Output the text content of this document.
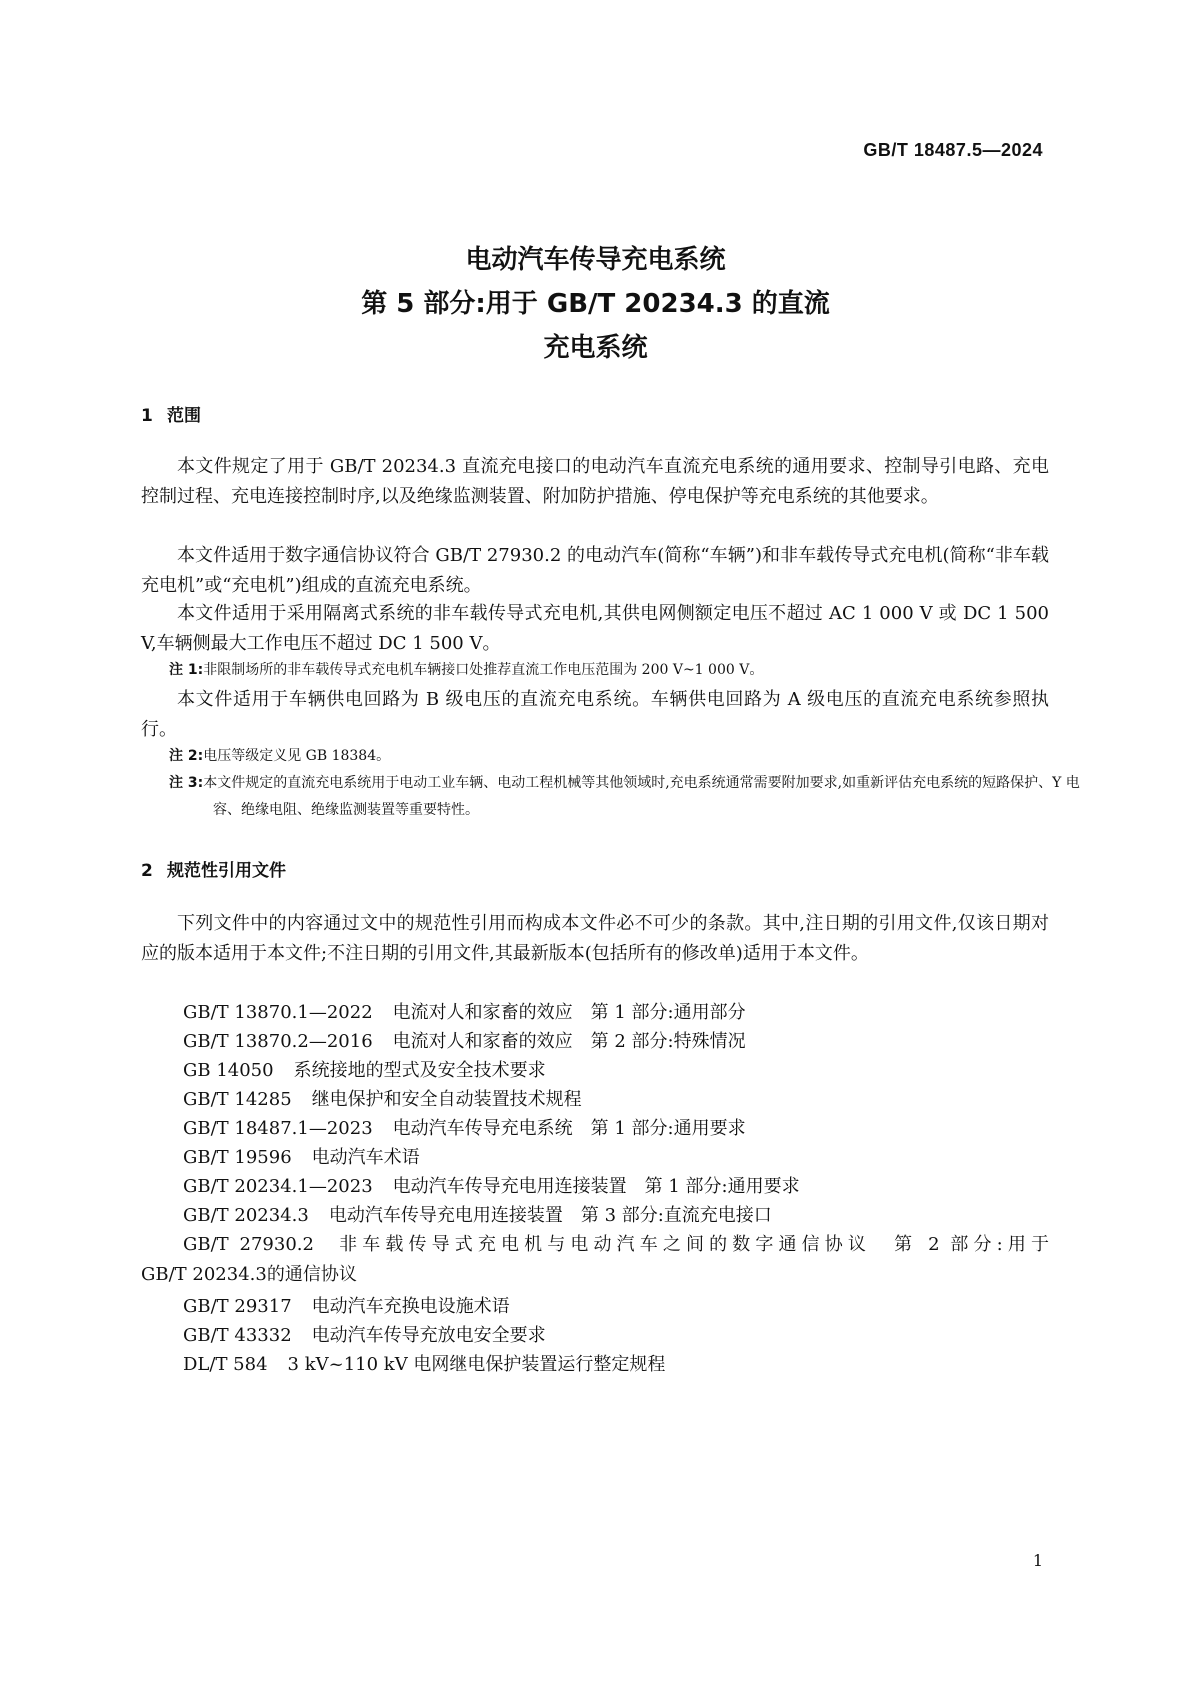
GB/T 18487.5—2024
电动汽车传导充电系统
第 5 部分:用于 GB/T 20234.3 的直流
充电系统
1 范围

本文件规定了用于 GB/T 20234.3 直流充电接口的电动汽车直流充电系统的通用要求、控制导引电路、充电控制过程、充电连接控制时序,以及绝缘监测装置、附加防护措施、停电保护等充电系统的其他要求。

本文件适用于数字通信协议符合 GB/T 27930.2 的电动汽车(简称“车辆”)和非车载传导式充电机(简称“非车载充电机”或“充电机”)组成的直流充电系统。

本文件适用于采用隔离式系统的非车载传导式充电机,其供电网侧额定电压不超过 AC 1 000 V 或 DC 1 500 V,车辆侧最大工作电压不超过 DC 1 500 V。

注 1:非限制场所的非车载传导式充电机车辆接口处推荐直流工作电压范围为 200 V~1 000 V。

本文件适用于车辆供电回路为 B 级电压的直流充电系统。车辆供电回路为 A 级电压的直流充电系统参照执行。

注 2:电压等级定义见 GB 18384。

注 3:本文件规定的直流充电系统用于电动工业车辆、电动工程机械等其他领域时,充电系统通常需要附加要求,如重新评估充电系统的短路保护、Y 电容、绝缘电阻、绝缘监测装置等重要特性。

2 规范性引用文件

下列文件中的内容通过文中的规范性引用而构成本文件必不可少的条款。其中,注日期的引用文件,仅该日期对应的版本适用于本文件;不注日期的引用文件,其最新版本(包括所有的修改单)适用于本文件。

GB/T 13870.1—2022 电流对人和家畜的效应　第 1 部分:通用部分
GB/T 13870.2—2016 电流对人和家畜的效应　第 2 部分:特殊情况
GB 14050 系统接地的型式及安全技术要求
GB/T 14285 继电保护和安全自动装置技术规程
GB/T 18487.1—2023 电动汽车传导充电系统　第 1 部分:通用要求
GB/T 19596 电动汽车术语
GB/T 20234.1—2023 电动汽车传导充电用连接装置　第 1 部分:通用要求
GB/T 20234.3 电动汽车传导充电用连接装置　第 3 部分:直流充电接口
GB/T 27930.2 非车载传导式充电机与电动汽车之间的数字通信协议　第 2 部分:用于
GB/T 20234.3的通信协议
GB/T 29317 电动汽车充换电设施术语
GB/T 43332 电动汽车传导充放电安全要求
DL/T 584 3 kV~110 kV 电网继电保护装置运行整定规程
1
